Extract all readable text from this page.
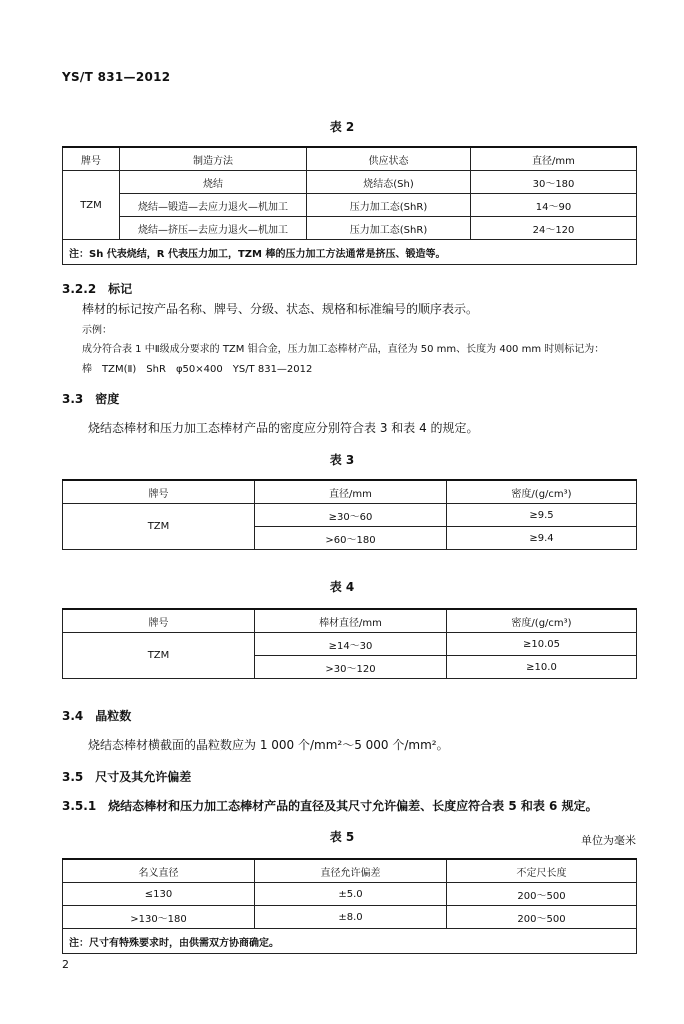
YS/T 831—2012
表 2
牌号	制造方法	供应状态	直径/mm
TZM	烧结	烧结态(Sh)	30～180
	烧结—锻造—去应力退火—机加工	压力加工态(ShR)	14～90
	烧结—挤压—去应力退火—机加工	压力加工态(ShR)	24～120
注：Sh 代表烧结，R 代表压力加工，TZM 棒的压力加工方法通常是挤压、锻造等。			
3.2.2　标记
棒材的标记按产品名称、牌号、分级、状态、规格和标准编号的顺序表示。
示例：
成分符合表 1 中Ⅱ级成分要求的 TZM 钼合金，压力加工态棒材产品，直径为 50 mm、长度为 400 mm 时则标记为：
棒　TZM(Ⅱ)　ShR　φ50×400　YS/T 831—2012
3.3　密度
烧结态棒材和压力加工态棒材产品的密度应分别符合表 3 和表 4 的规定。
表 3
牌号	直径/mm	密度/(g/cm³)
TZM	≥30～60	≥9.5
	>60～180	≥9.4
表 4
牌号	棒材直径/mm	密度/(g/cm³)
TZM	≥14～30	≥10.05
	>30～120	≥10.0
3.4　晶粒数
烧结态棒材横截面的晶粒数应为 1 000 个/mm²～5 000 个/mm²。
3.5　尺寸及其允许偏差
3.5.1　烧结态棒材和压力加工态棒材产品的直径及其尺寸允许偏差、长度应符合表 5 和表 6 规定。
表 5	单位为毫米
名义直径	直径允许偏差	不定尺长度
≤130	±5.0	200～500
>130～180	±8.0	200～500
注：尺寸有特殊要求时，由供需双方协商确定。		
2
